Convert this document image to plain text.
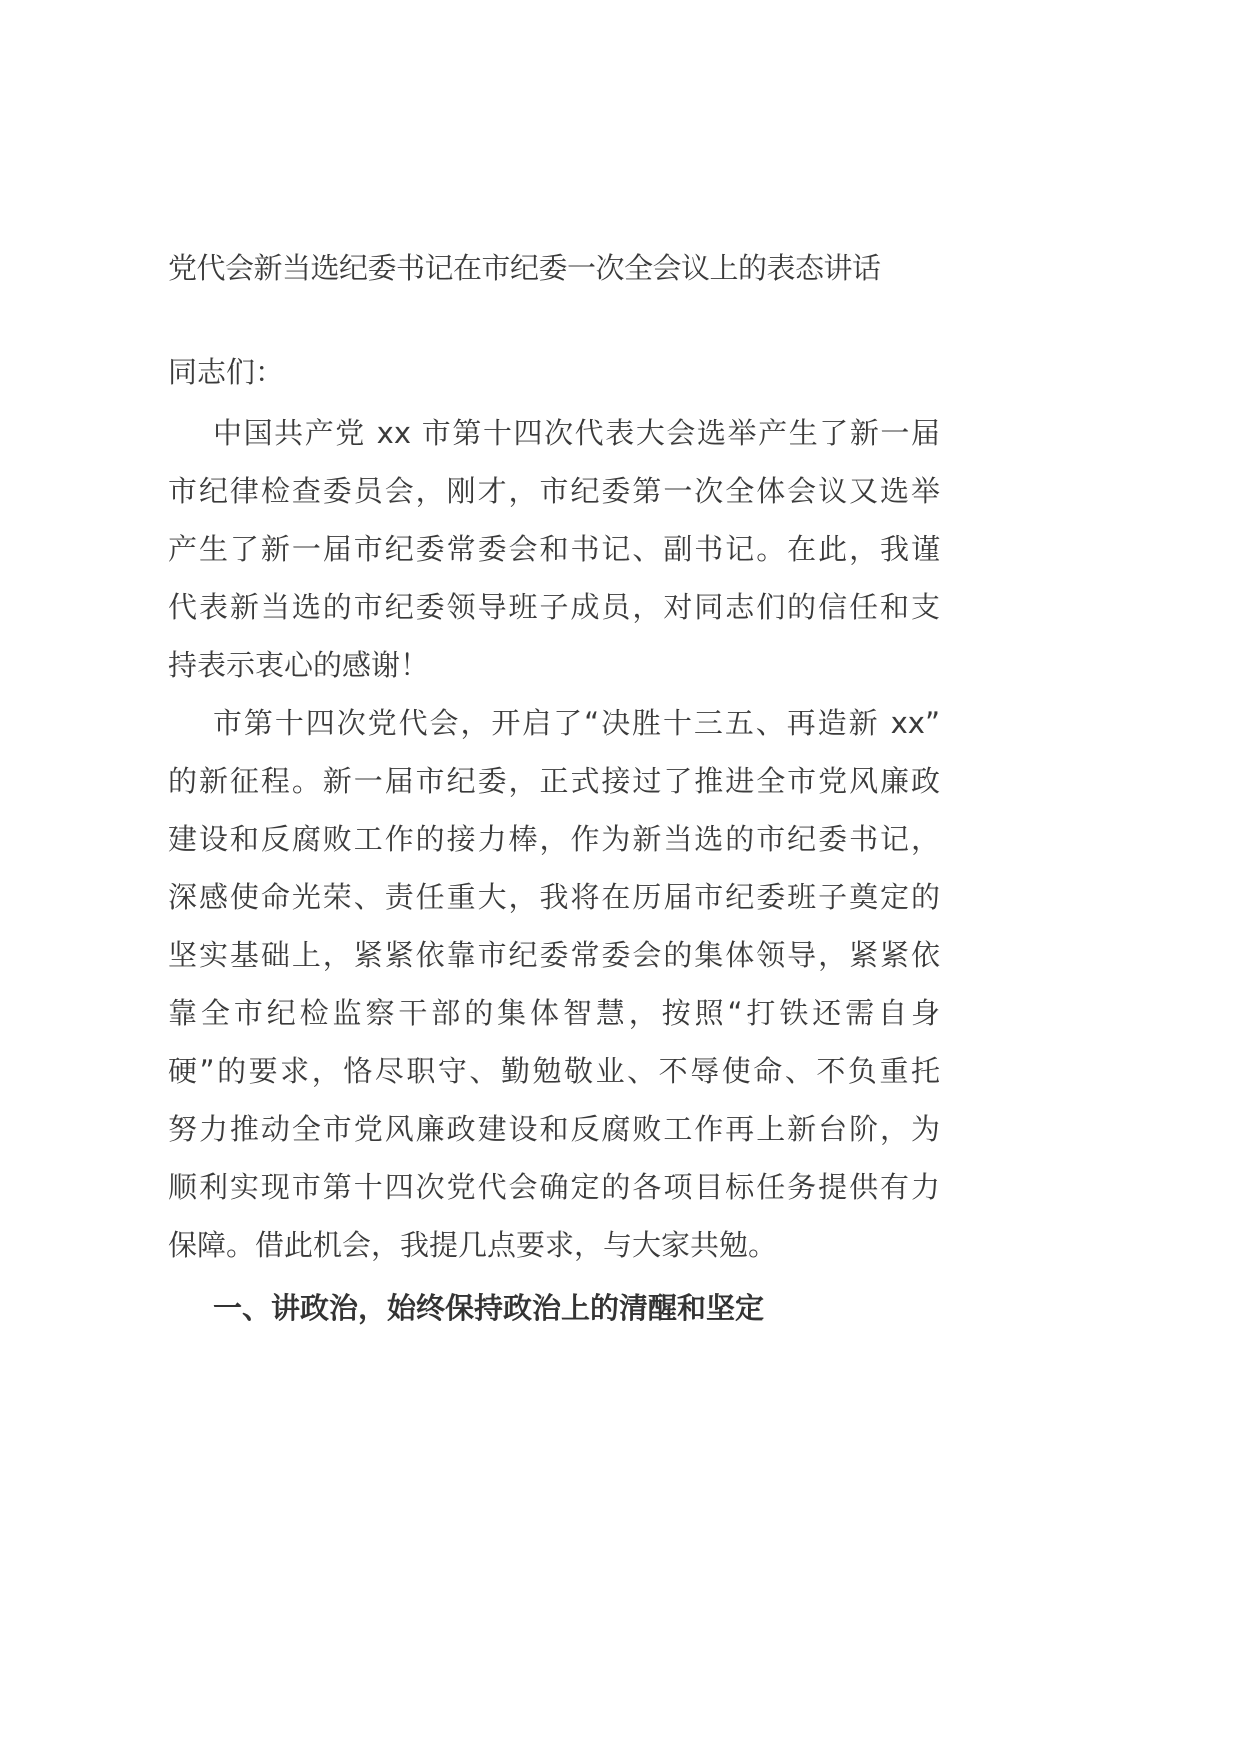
党代会新当选纪委书记在市纪委一次全会议上的表态讲话
同志们：
中国共产党 xx 市第十四次代表大会选举产生了新一届
市纪律检查委员会，刚才，市纪委第一次全体会议又选举
产生了新一届市纪委常委会和书记、副书记。在此，我谨
代表新当选的市纪委领导班子成员，对同志们的信任和支
持表示衷心的感谢！
市第十四次党代会，开启了“决胜十三五、再造新 xx”
的新征程。新一届市纪委，正式接过了推进全市党风廉政
建设和反腐败工作的接力棒，作为新当选的市纪委书记，
深感使命光荣、责任重大，我将在历届市纪委班子奠定的
坚实基础上，紧紧依靠市纪委常委会的集体领导，紧紧依
靠全市纪检监察干部的集体智慧，按照“打铁还需自身
硬”的要求，恪尽职守、勤勉敬业、不辱使命、不负重托
努力推动全市党风廉政建设和反腐败工作再上新台阶，为
顺利实现市第十四次党代会确定的各项目标任务提供有力
保障。借此机会，我提几点要求，与大家共勉。
一、讲政治，始终保持政治上的清醒和坚定
